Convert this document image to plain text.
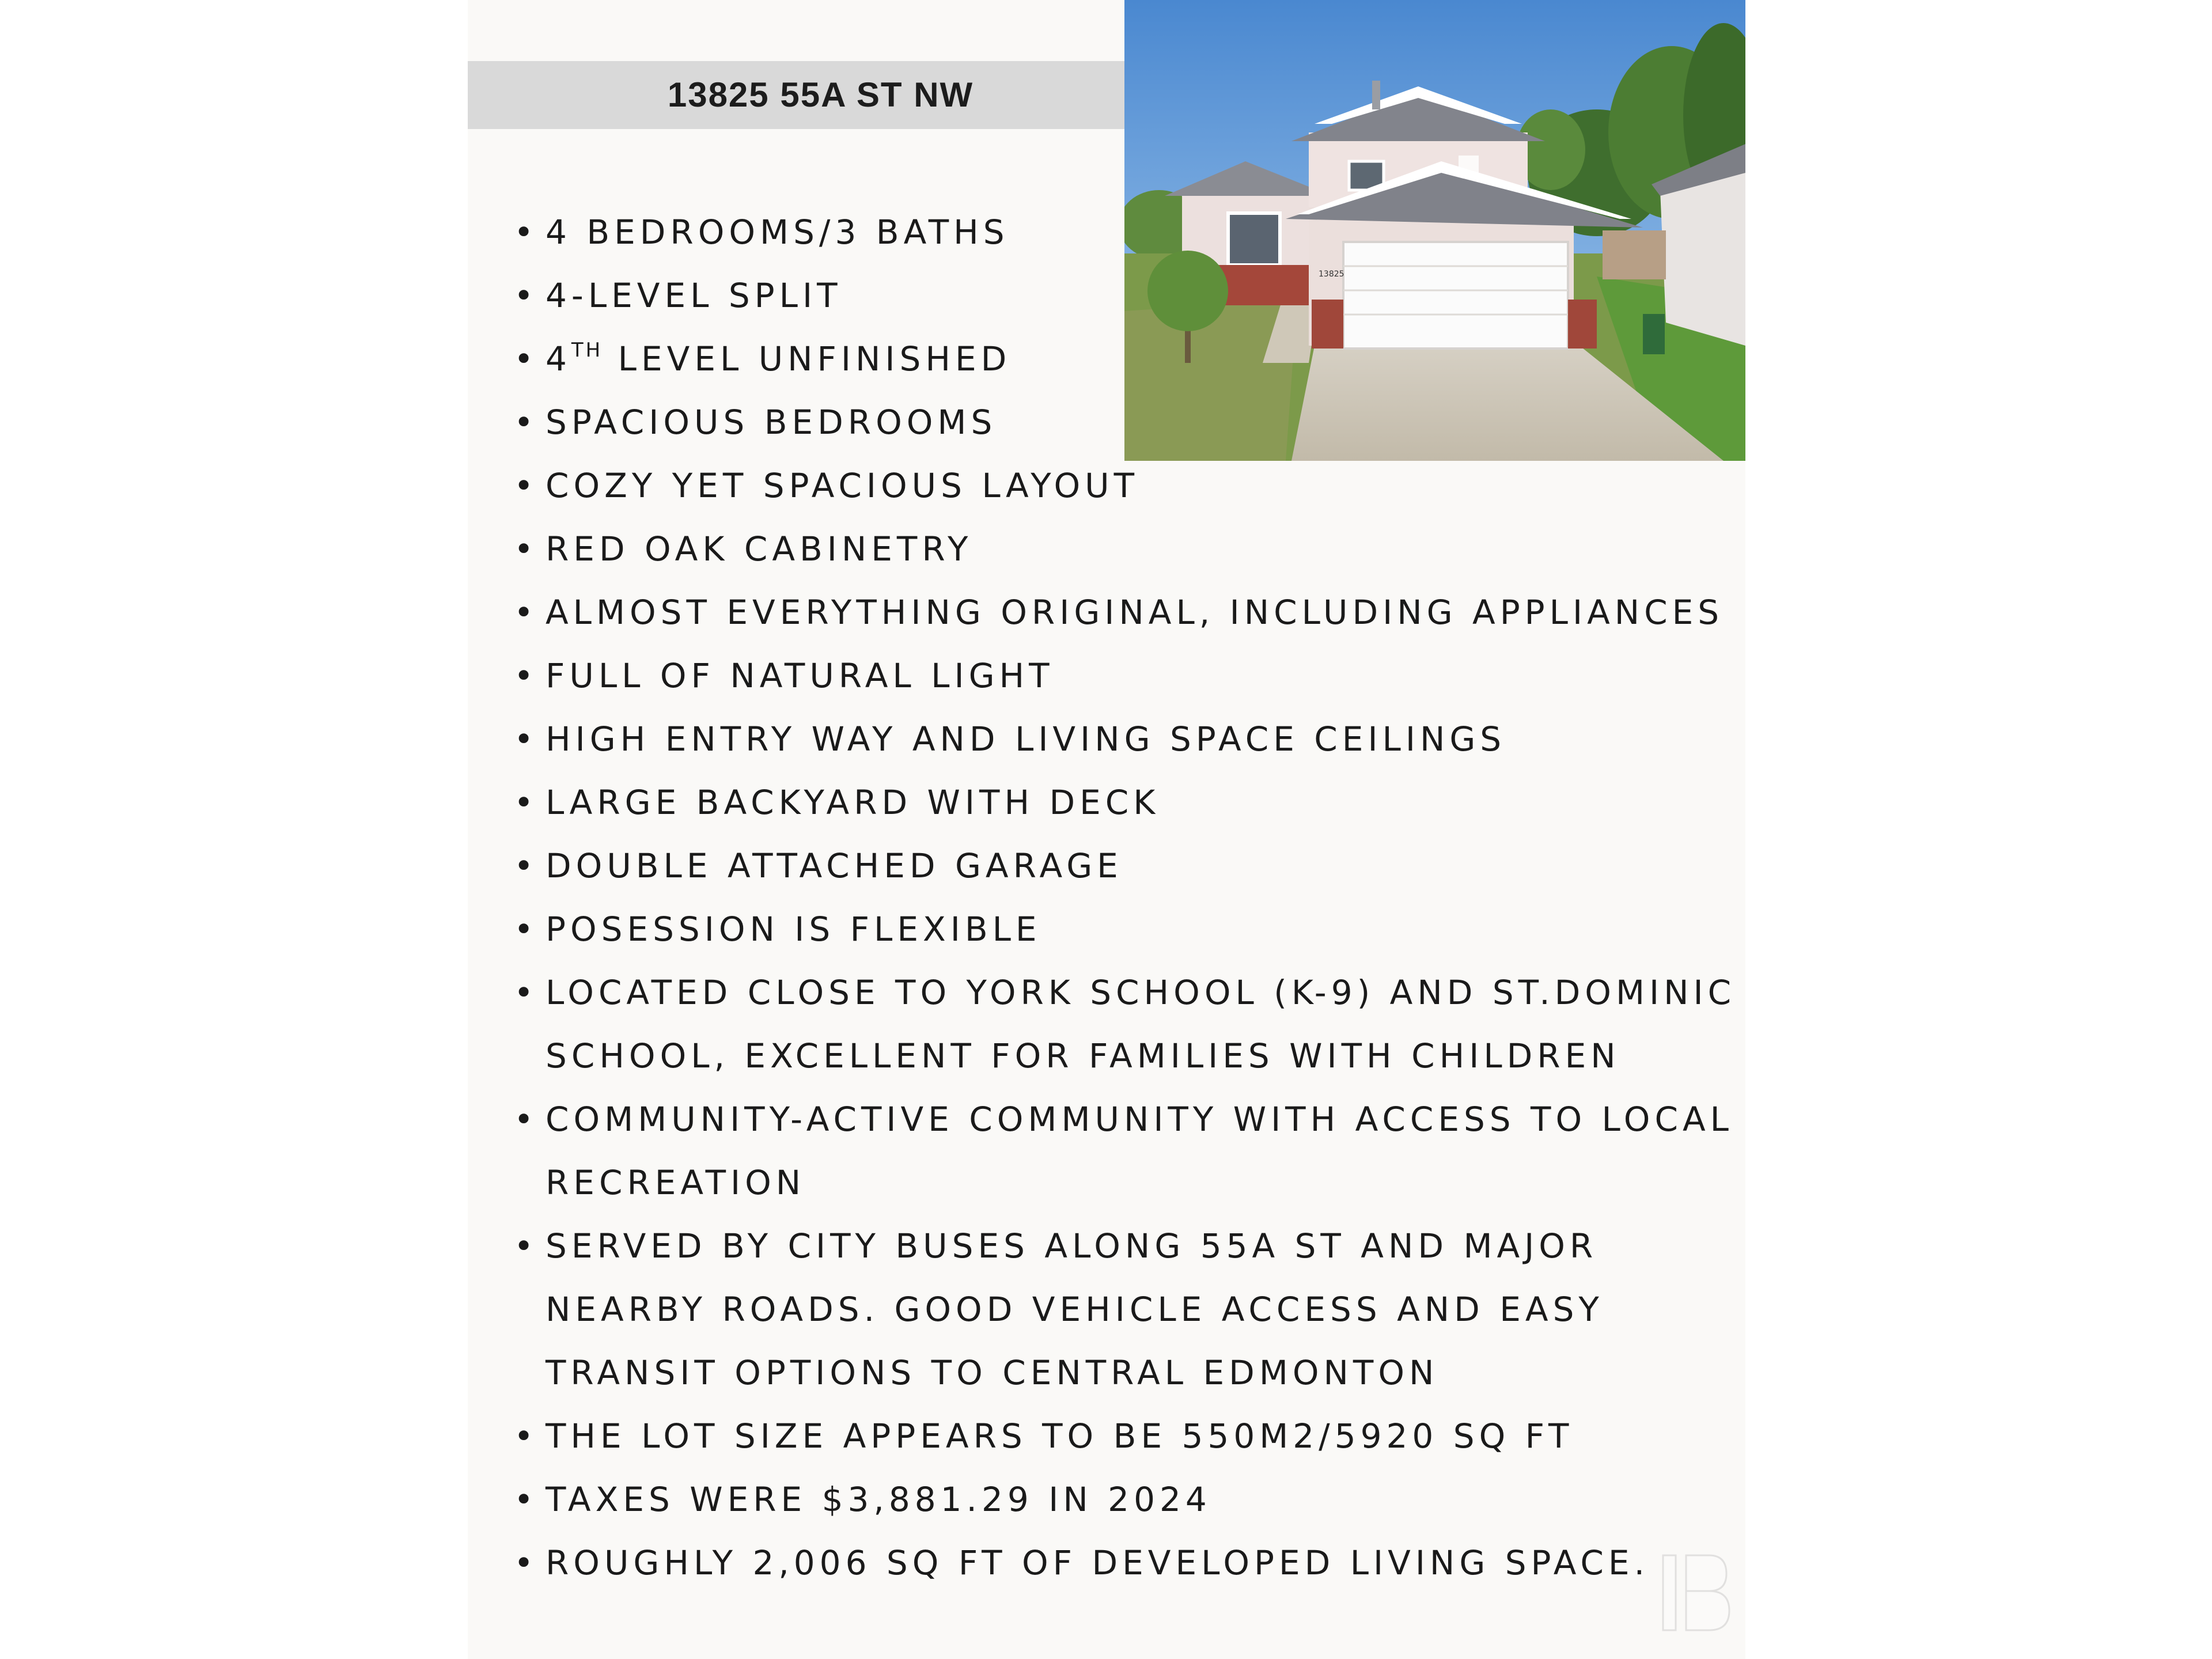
13825 55A ST NW
13825
• 4 BEDROOMS/3 BATHS
• 4-LEVEL SPLIT
• 4TH LEVEL UNFINISHED
• SPACIOUS BEDROOMS
• COZY YET SPACIOUS LAYOUT
• RED OAK CABINETRY
• ALMOST EVERYTHING ORIGINAL, INCLUDING APPLIANCES
• FULL OF NATURAL LIGHT
• HIGH ENTRY WAY AND LIVING SPACE CEILINGS
• LARGE BACKYARD WITH DECK
• DOUBLE ATTACHED GARAGE
• POSESSION IS FLEXIBLE
• LOCATED CLOSE TO YORK SCHOOL (K-9) AND ST.DOMINIC SCHOOL, EXCELLENT FOR FAMILIES WITH CHILDREN
• COMMUNITY-ACTIVE COMMUNITY WITH ACCESS TO LOCAL RECREATION
• SERVED BY CITY BUSES ALONG 55A ST AND MAJOR NEARBY ROADS. GOOD VEHICLE ACCESS AND EASY TRANSIT OPTIONS TO CENTRAL EDMONTON
• THE LOT SIZE APPEARS TO BE 550M2/5920 SQ FT
• TAXES WERE $3,881.29 IN 2024
• ROUGHLY 2,006 SQ FT OF DEVELOPED LIVING SPACE.
